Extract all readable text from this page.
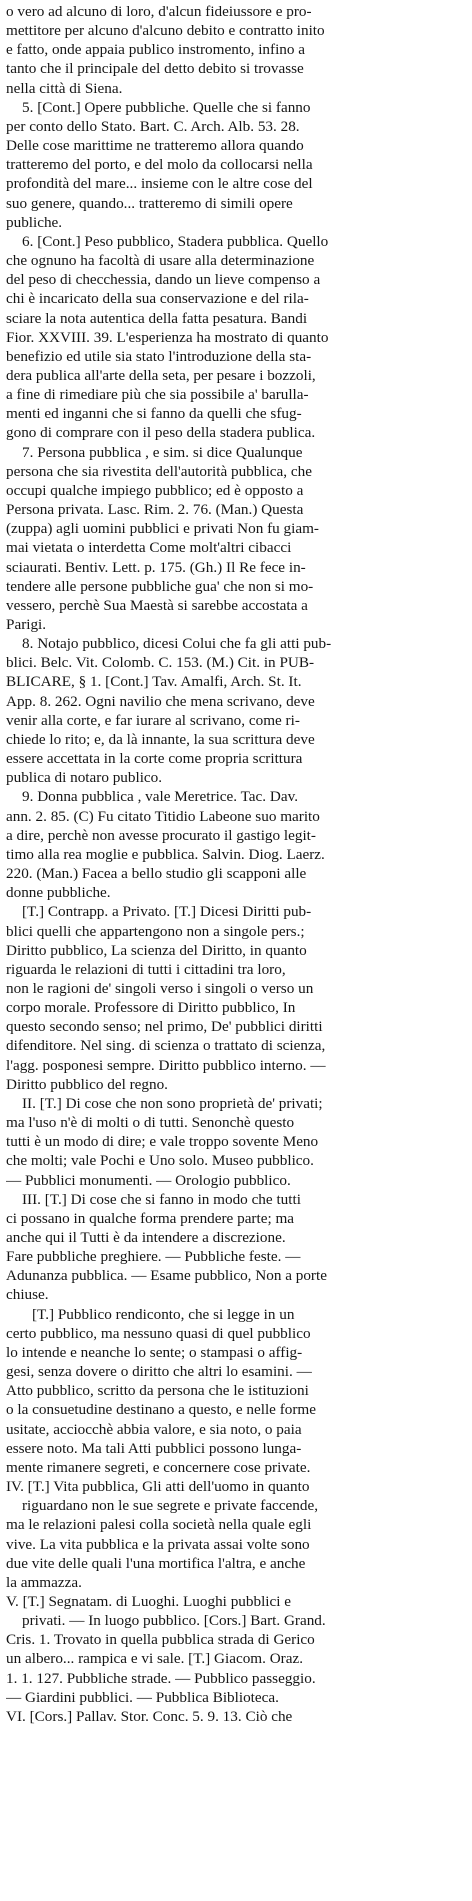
o vero ad alcuno di loro, d'alcun fideiussore e pro-
mettitore per alcuno d'alcuno debito e contratto inito
e fatto, onde appaia publico instromento, infino a
tanto che il principale del detto debito si trovasse
nella città di Siena.
5. [Cont.] Opere pubbliche. Quelle che si fanno
per conto dello Stato. Bart. C. Arch. Alb. 53. 28.
Delle cose marittime ne tratteremo allora quando
tratteremo del porto, e del molo da collocarsi nella
profondità del mare... insieme con le altre cose del
suo genere, quando... tratteremo di simili opere
publiche.
6. [Cont.] Peso pubblico, Stadera pubblica. Quello
che ognuno ha facoltà di usare alla determinazione
del peso di checchessia, dando un lieve compenso a
chi è incaricato della sua conservazione e del rila-
sciare la nota autentica della fatta pesatura. Bandi
Fior. XXVIII. 39. L'esperienza ha mostrato di quanto
benefizio ed utile sia stato l'introduzione della sta-
dera publica all'arte della seta, per pesare i bozzoli,
a fine di rimediare più che sia possibile a' barulla-
menti ed inganni che si fanno da quelli che sfug-
gono di comprare con il peso della stadera publica.
7. Persona pubblica , e sim. si dice Qualunque
persona che sia rivestita dell'autorità pubblica, che
occupi qualche impiego pubblico; ed è opposto a
Persona privata. Lasc. Rim. 2. 76. (Man.) Questa
(zuppa) agli uomini pubblici e privati Non fu giam-
mai vietata o interdetta Come molt'altri cibacci
sciaurati. Bentiv. Lett. p. 175. (Gh.) Il Re fece in-
tendere alle persone pubbliche gua' che non si mo-
vessero, perchè Sua Maestà si sarebbe accostata a
Parigi.
8. Notajo pubblico, dicesi Colui che fa gli atti pub-
blici. Belc. Vit. Colomb. C. 153. (M.) Cit. in PUB-
BLICARE, § 1. [Cont.] Tav. Amalfi, Arch. St. It.
App. 8. 262. Ogni navilio che mena scrivano, deve
venir alla corte, e far iurare al scrivano, come ri-
chiede lo rito; e, da là innante, la sua scrittura deve
essere accettata in la corte come propria scrittura
publica di notaro publico.
9. Donna pubblica , vale Meretrice. Tac. Dav.
ann. 2. 85. (C) Fu citato Titidio Labeone suo marito
a dire, perchè non avesse procurato il gastigo legit-
timo alla rea moglie e pubblica. Salvin. Diog. Laerz.
220. (Man.) Facea a bello studio gli scapponi alle
donne pubbliche.
[T.] Contrapp. a Privato. [T.] Dicesi Diritti pub-
blici quelli che appartengono non a singole pers.;
Diritto pubblico, La scienza del Diritto, in quanto
riguarda le relazioni di tutti i cittadini tra loro,
non le ragioni de' singoli verso i singoli o verso un
corpo morale. Professore di Diritto pubblico, In
questo secondo senso; nel primo, De' pubblici diritti
difenditore. Nel sing. di scienza o trattato di scienza,
l'agg. posponesi sempre. Diritto pubblico interno. —
Diritto pubblico del regno.
II. [T.] Di cose che non sono proprietà de' privati;
ma l'uso n'è di molti o di tutti. Senonchè questo
tutti è un modo di dire; e vale troppo sovente Meno
che molti; vale Pochi e Uno solo. Museo pubblico.
— Pubblici monumenti. — Orologio pubblico.
III. [T.] Di cose che si fanno in modo che tutti
ci possano in qualche forma prendere parte; ma
anche qui il Tutti è da intendere a discrezione.
Fare pubbliche preghiere. — Pubbliche feste. —
Adunanza pubblica. — Esame pubblico, Non a porte
chiuse.
[T.] Pubblico rendiconto, che si legge in un
certo pubblico, ma nessuno quasi di quel pubblico
lo intende e neanche lo sente; o stampasi o affig-
gesi, senza dovere o diritto che altri lo esamini. —
Atto pubblico, scritto da persona che le istituzioni
o la consuetudine destinano a questo, e nelle forme
usitate, acciocchè abbia valore, e sia noto, o paia
essere noto. Ma tali Atti pubblici possono lunga-
mente rimanere segreti, e concernere cose private.
IV. [T.] Vita pubblica, Gli atti dell'uomo in quanto
riguardano non le sue segrete e private faccende,
ma le relazioni palesi colla società nella quale egli
vive. La vita pubblica e la privata assai volte sono
due vite delle quali l'una mortifica l'altra, e anche
la ammazza.
V. [T.] Segnatam. di Luoghi. Luoghi pubblici e
privati. — In luogo pubblico. [Cors.] Bart. Grand.
Cris. 1. Trovato in quella pubblica strada di Gerico
un albero... rampica e vi sale. [T.] Giacom. Oraz.
1. 1. 127. Pubbliche strade. — Pubblico passeggio.
— Giardini pubblici. — Pubblica Biblioteca.
VI. [Cors.] Pallav. Stor. Conc. 5. 9. 13. Ciò che
